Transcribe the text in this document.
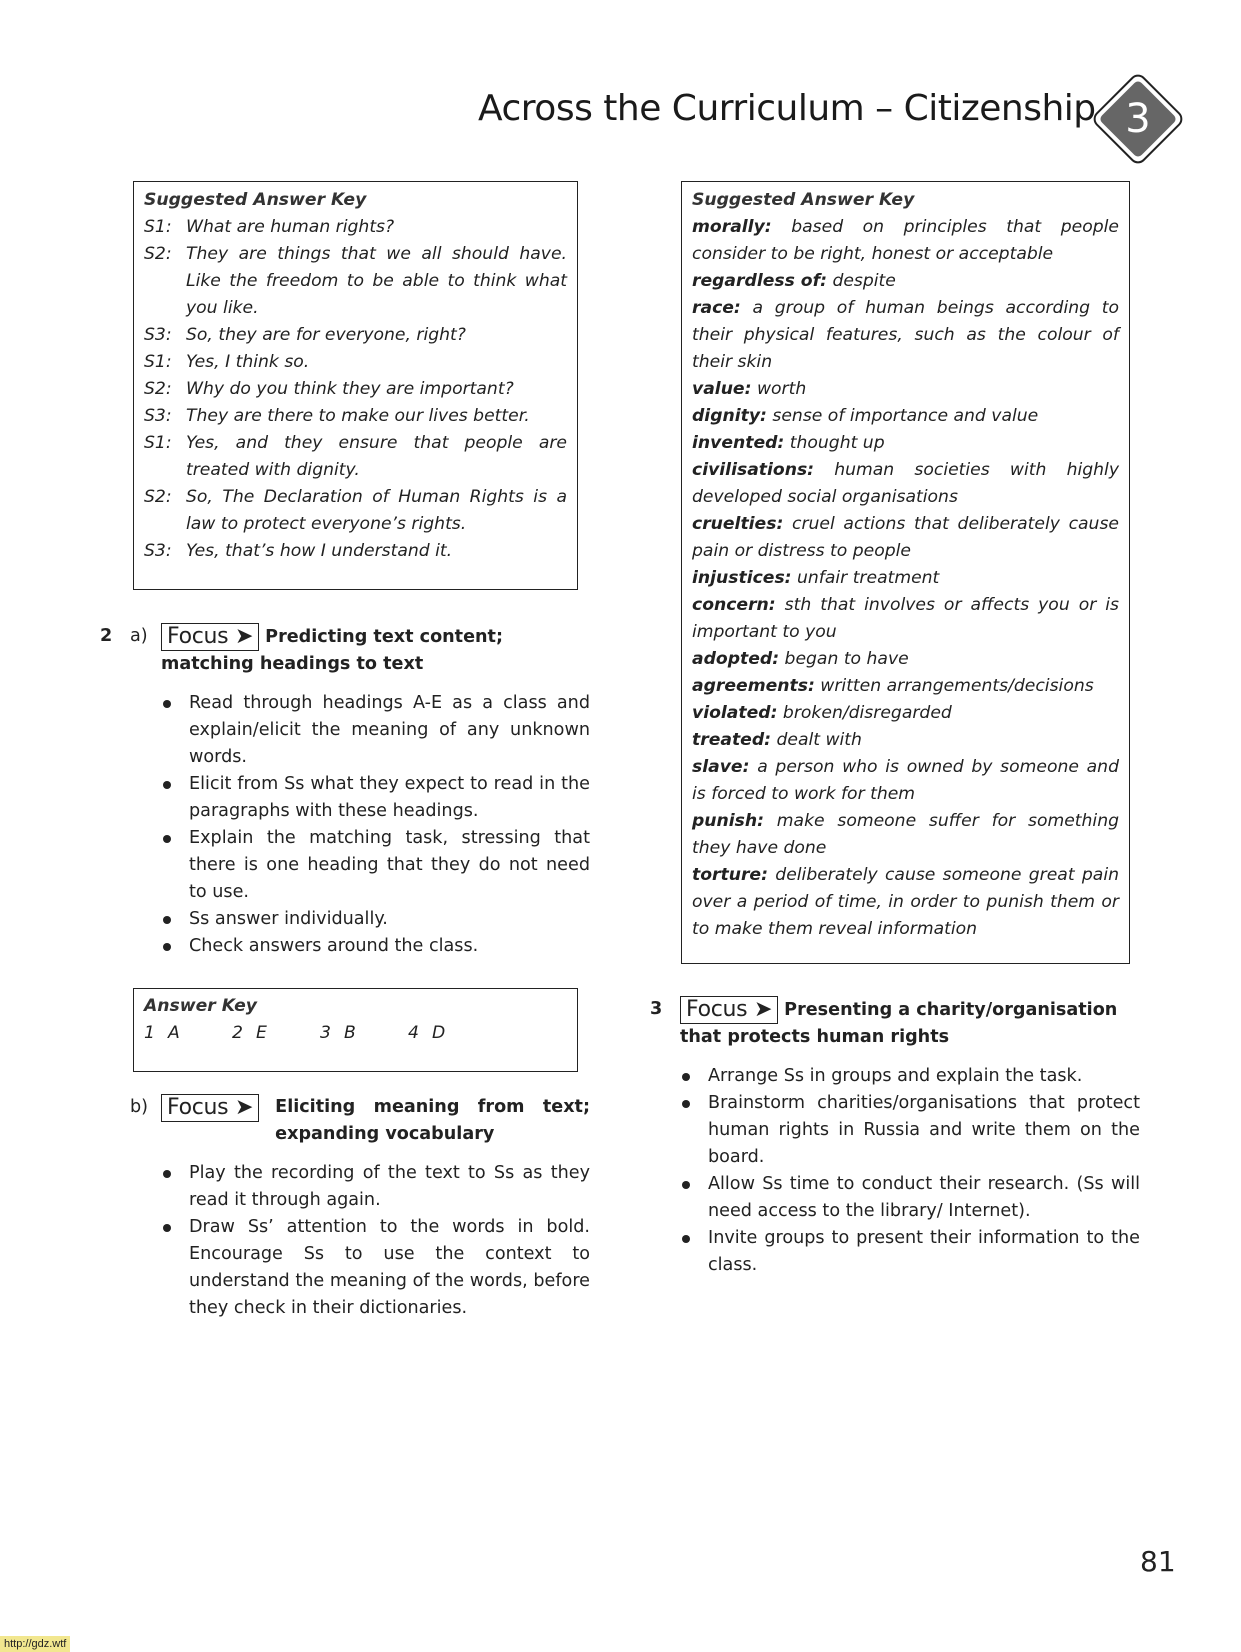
Across the Curriculum – Citizenship 3
Suggested Answer Key
S1: What are human rights?
S2: They are things that we all should have. Like the freedom to be able to think what you like.
S3: So, they are for everyone, right?
S1: Yes, I think so.
S2: Why do you think they are important?
S3: They are there to make our lives better.
S1: Yes, and they ensure that people are treated with dignity.
S2: So, The Declaration of Human Rights is a law to protect everyone’s rights.
S3: Yes, that’s how I understand it.
2 a) Focus ➤ Predicting text content; matching headings to text
Read through headings A-E as a class and explain/elicit the meaning of any unknown words.
Elicit from Ss what they expect to read in the paragraphs with these headings.
Explain the matching task, stressing that there is one heading that they do not need to use.
Ss answer individually.
Check answers around the class.
Answer Key
1 A	2 E	3 B	4 D
b) Focus ➤	Eliciting meaning from text; expanding vocabulary
Play the recording of the text to Ss as they read it through again.
Draw Ss’ attention to the words in bold. Encourage Ss to use the context to understand the meaning of the words, before they check in their dictionaries.
Suggested Answer Key
morally: based on principles that people consider to be right, honest or acceptable
regardless of: despite
race: a group of human beings according to their physical features, such as the colour of their skin
value: worth
dignity: sense of importance and value
invented: thought up
civilisations: human societies with highly developed social organisations
cruelties: cruel actions that deliberately cause pain or distress to people
injustices: unfair treatment
concern: sth that involves or affects you or is important to you
adopted: began to have
agreements: written arrangements/decisions
violated: broken/disregarded
treated: dealt with
slave: a person who is owned by someone and is forced to work for them
punish: make someone suffer for something they have done
torture: deliberately cause someone great pain over a period of time, in order to punish them or to make them reveal information
3 Focus ➤ Presenting a charity/organisation that protects human rights
Arrange Ss in groups and explain the task.
Brainstorm charities/organisations that protect human rights in Russia and write them on the board.
Allow Ss time to conduct their research. (Ss will need access to the library/ Internet).
Invite groups to present their information to the class.
81
http://gdz.wtf
